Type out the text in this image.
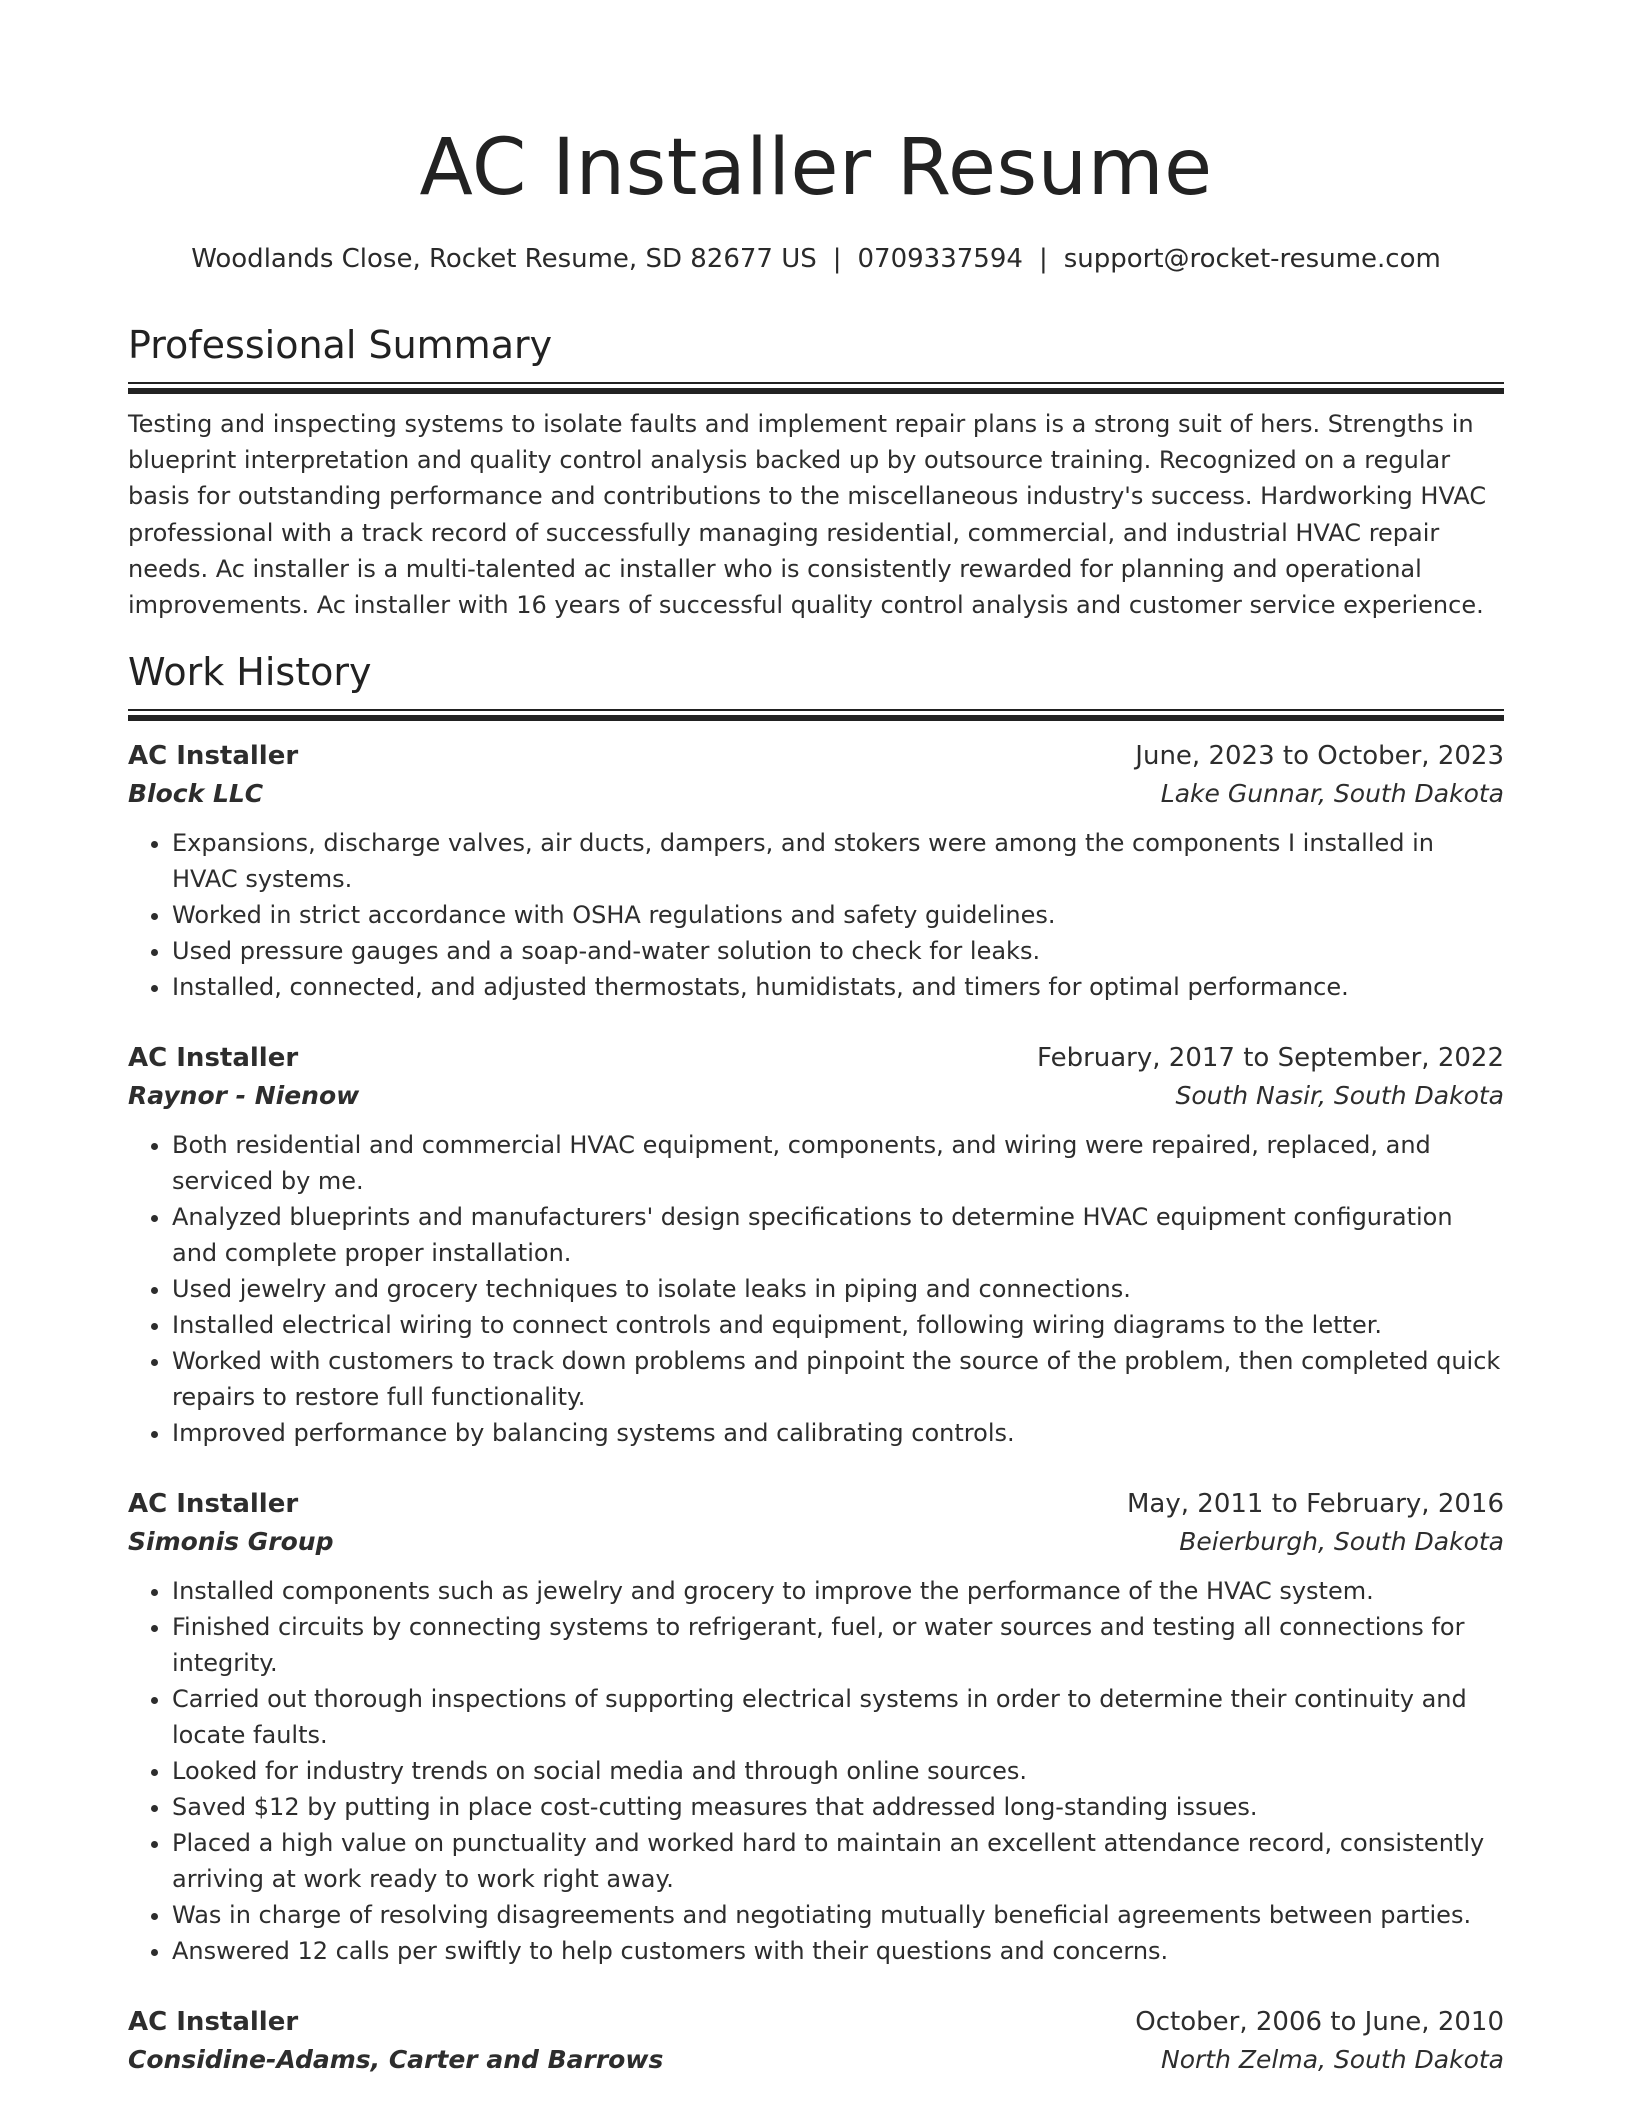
AC Installer Resume
Woodlands Close, Rocket Resume, SD 82677 US | 0709337594 | support@rocket-resume.com
Professional Summary

Testing and inspecting systems to isolate faults and implement repair plans is a strong suit of hers. Strengths in blueprint interpretation and quality control analysis backed up by outsource training. Recognized on a regular basis for outstanding performance and contributions to the miscellaneous industry's success. Hardworking HVAC professional with a track record of successfully managing residential, commercial, and industrial HVAC repair needs. Ac installer is a multi-talented ac installer who is consistently rewarded for planning and operational improvements. Ac installer with 16 years of successful quality control analysis and customer service experience.

Work History
AC Installer	June, 2023 to October, 2023
Block LLC	Lake Gunnar, South Dakota
• Expansions, discharge valves, air ducts, dampers, and stokers were among the components I installed in HVAC systems.
• Worked in strict accordance with OSHA regulations and safety guidelines.
• Used pressure gauges and a soap-and-water solution to check for leaks.
• Installed, connected, and adjusted thermostats, humidistats, and timers for optimal performance.
AC Installer	February, 2017 to September, 2022
Raynor - Nienow	South Nasir, South Dakota
• Both residential and commercial HVAC equipment, components, and wiring were repaired, replaced, and serviced by me.
• Analyzed blueprints and manufacturers' design specifications to determine HVAC equipment configuration and complete proper installation.
• Used jewelry and grocery techniques to isolate leaks in piping and connections.
• Installed electrical wiring to connect controls and equipment, following wiring diagrams to the letter.
• Worked with customers to track down problems and pinpoint the source of the problem, then completed quick repairs to restore full functionality.
• Improved performance by balancing systems and calibrating controls.
AC Installer	May, 2011 to February, 2016
Simonis Group	Beierburgh, South Dakota
• Installed components such as jewelry and grocery to improve the performance of the HVAC system.
• Finished circuits by connecting systems to refrigerant, fuel, or water sources and testing all connections for integrity.
• Carried out thorough inspections of supporting electrical systems in order to determine their continuity and locate faults.
• Looked for industry trends on social media and through online sources.
• Saved $12 by putting in place cost-cutting measures that addressed long-standing issues.
• Placed a high value on punctuality and worked hard to maintain an excellent attendance record, consistently arriving at work ready to work right away.
• Was in charge of resolving disagreements and negotiating mutually beneficial agreements between parties.
• Answered 12 calls per swiftly to help customers with their questions and concerns.
AC Installer	October, 2006 to June, 2010
Considine-Adams, Carter and Barrows	North Zelma, South Dakota
